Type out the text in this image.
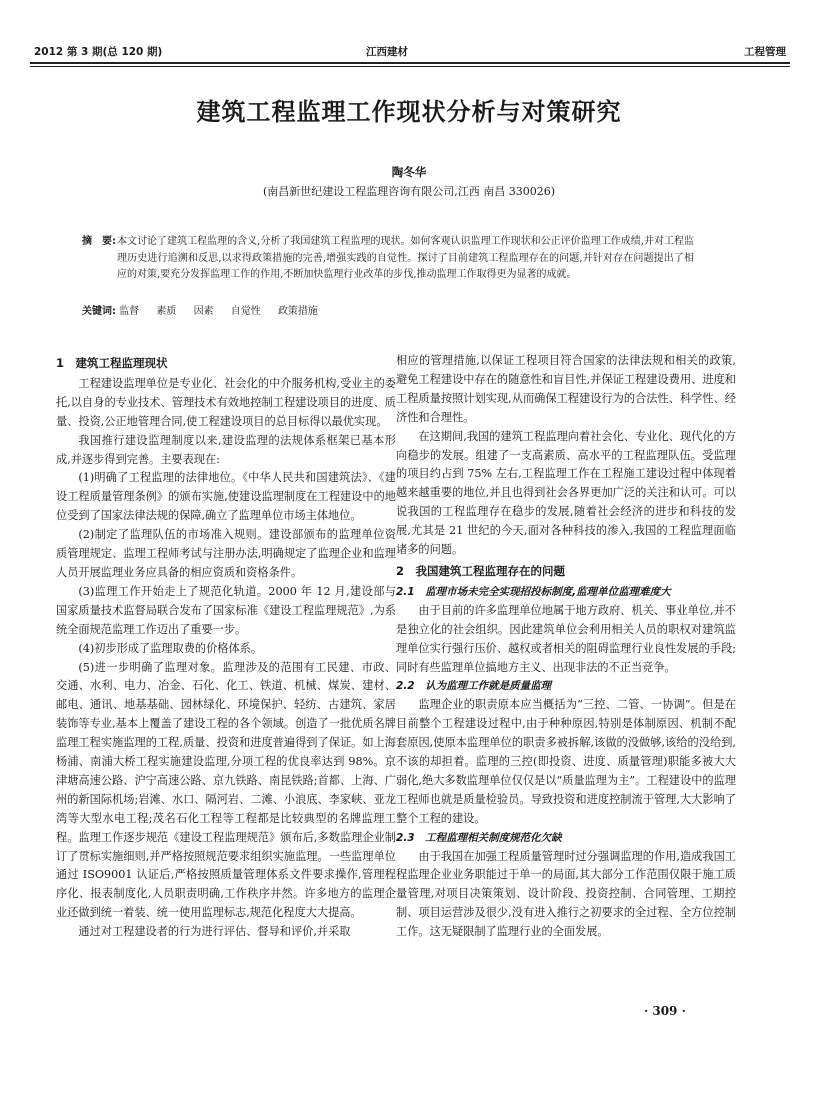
2012 第 3 期(总 120 期)	江西建材	工程管理
建筑工程监理工作现状分析与对策研究
陶冬华
(南昌新世纪建设工程监理咨询有限公司,江西 南昌 330026)
摘　要: 本文讨论了建筑工程监理的含义,分析了我国建筑工程监理的现状。如何客观认识监理工作现状和公正评价监理工作成绩,并对工程监理历史进行追溯和反思,以求得政策措施的完善,增强实践的自觉性。探讨了目前建筑工程监理存在的问题,并针对存在问题提出了相应的对策,要充分发挥监理工作的作用,不断加快监理行业改革的步伐,推动监理工作取得更为显著的成就。
关键词: 监督 素质 因素 自觉性 政策措施
1　建筑工程监理现状

工程建设监理单位是专业化、社会化的中介服务机构,受业主的委托,以自身的专业技术、管理技术有效地控制工程建设项目的进度、质量、投资,公正地管理合同,使工程建设项目的总目标得以最优实现。

我国推行建设监理制度以来,建设监理的法规体系框架已基本形成,并逐步得到完善。主要表现在:

(1)明确了工程监理的法律地位。《中华人民共和国建筑法》、《建设工程质量管理条例》的颁布实施,使建设监理制度在工程建设中的地位受到了国家法律法规的保障,确立了监理单位市场主体地位。

(2)制定了监理队伍的市场准入规则。建设部颁布的监理单位资质管理规定、监理工程师考试与注册办法,明确规定了监理企业和监理人员开展监理业务应具备的相应资质和资格条件。

(3)监理工作开始走上了规范化轨道。2000 年 12 月,建设部与国家质量技术监督局联合发布了国家标准《建设工程监理规范》,为系统全面规范监理工作迈出了重要一步。

(4)初步形成了监理取费的价格体系。

(5)进一步明确了监理对象。监理涉及的范围有工民建、市政、交通、水利、电力、冶金、石化、化工、铁道、机械、煤炭、建材、邮电、通讯、地基基础、园林绿化、环境保护、轻纺、古建筑、家居装饰等专业,基本上覆盖了建设工程的各个领域。创造了一批优质名牌监理工程实施监理的工程,质量、投资和进度普遍得到了保证。如上海杨浦、南浦大桥工程实施建设监理,分项工程的优良率达到 98%。京津塘高速公路、沪宁高速公路、京九铁路、南昆铁路;首都、上海、广州的新国际机场;岩滩、水口、隔河岩、二滩、小浪底、李家峡、亚龙湾等大型水电工程;茂名石化工程等工程都是比较典型的名牌监理工程。监理工作逐步规范《建设工程监理规范》颁布后,多数监理企业制订了贯标实施细则,并严格按照规范要求组织实施监理。一些监理单位通过 ISO9001 认证后,严格按照质量管理体系文件要求操作,管理程序化、报表制度化,人员职责明确,工作秩序井然。许多地方的监理企业还做到统一着装、统一使用监理标志,规范化程度大大提高。

通过对工程建设者的行为进行评估、督导和评价,并采取

相应的管理措施,以保证工程项目符合国家的法律法规和相关的政策,避免工程建设中存在的随意性和盲目性,并保证工程建设费用、进度和工程质量按照计划实现,从而确保工程建设行为的合法性、科学性、经济性和合理性。

在这期间,我国的建筑工程监理向着社会化、专业化、现代化的方向稳步的发展。组建了一支高素质、高水平的工程监理队伍。受监理的项目约占到 75% 左右,工程监理工作在工程施工建设过程中体现着越来越重要的地位,并且也得到社会各界更加广泛的关注和认可。可以说我国的工程监理存在稳步的发展,随着社会经济的进步和科技的发展,尤其是 21 世纪的今天,面对各种科技的渗入,我国的工程监理面临诸多的问题。

2　我国建筑工程监理存在的问题
2.1　监理市场未完全实现招投标制度,监理单位监理难度大

由于目前的许多监理单位地属于地方政府、机关、事业单位,并不是独立化的社会组织。因此建筑单位会利用相关人员的职权对建筑监理单位实行强行压价、越权或者相关的阻碍监理行业良性发展的手段;同时有些监理单位搞地方主义、出现非法的不正当竞争。

2.2　认为监理工作就是质量监理

监理企业的职责原本应当概括为“三控、二管、一协调”。但是在目前整个工程建设过程中,由于种种原因,特别是体制原因、机制不配套原因,使原本监理单位的职责多被拆解,该做的没做够,该给的没给到,不该的却担着。监理的三控(即投资、进度、质量管理)职能多被大大弱化,绝大多数监理单位仅仅是以“质量监理为主”。工程建设中的监理工程师也就是质量检验员。导致投资和进度控制流于管理,大大影响了整个工程的建设。

2.3　工程监理相关制度规范化欠缺

由于我国在加强工程质量管理时过分强调监理的作用,造成我国工程监理企业业务职能过于单一的局面,其大部分工作范围仅限于施工质量管理,对项目决策策划、设计阶段、投资控制、合同管理、工期控制、项目运营涉及很少,没有进入推行之初要求的全过程、全方位控制工作。这无疑限制了监理行业的全面发展。

· 309 ·
